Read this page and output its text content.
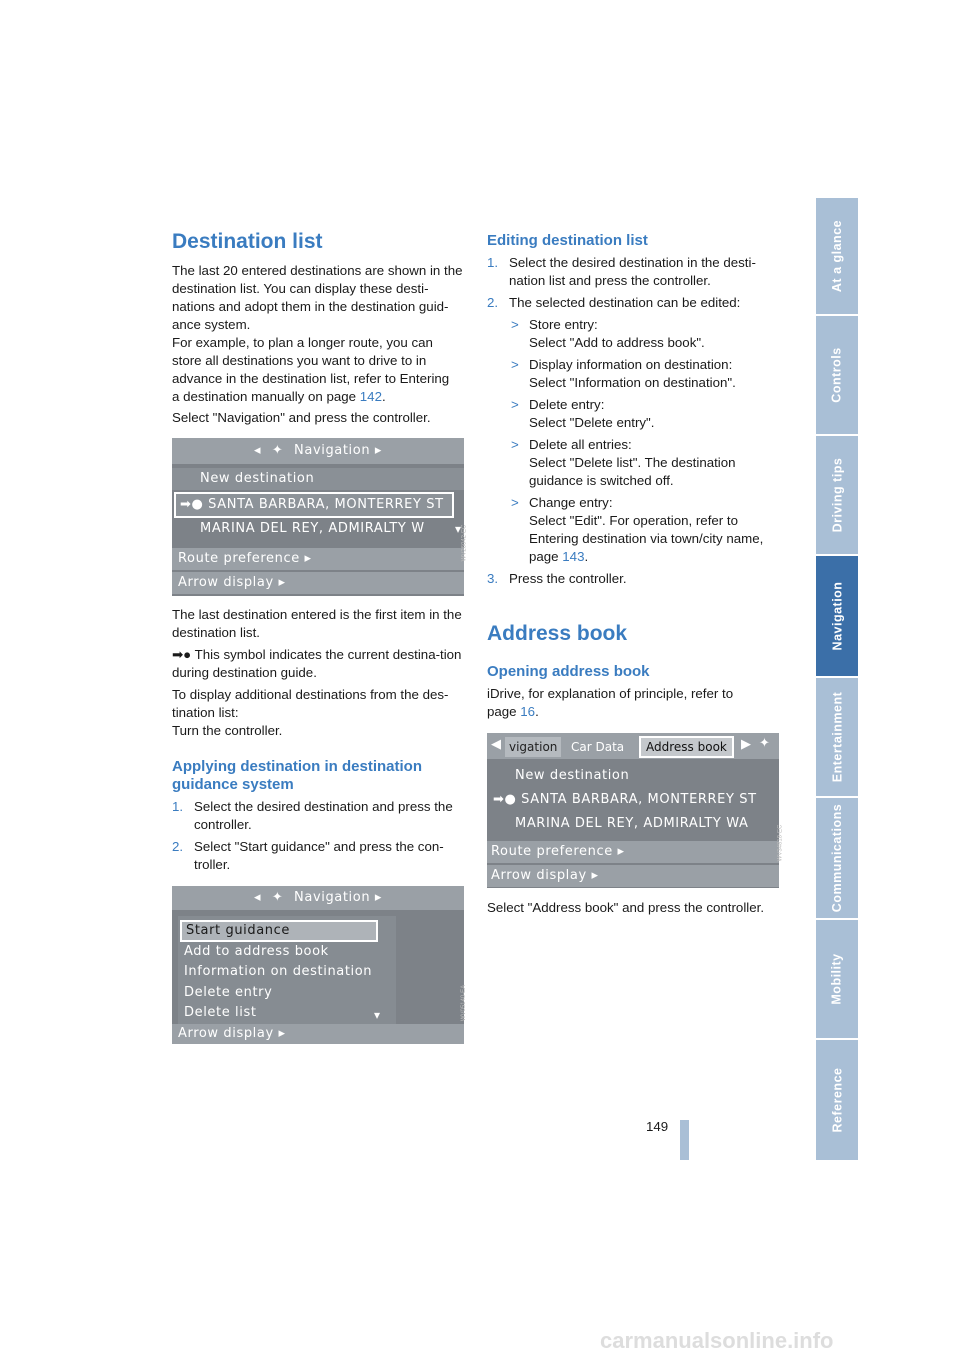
At a glance
Controls
Driving tips
Navigation
Entertainment
Communications
Mobility
Reference
149
Destination list
The last 20 entered destinations are shown in the destination list. You can display these desti-nations and adopt them in the destination guid-ance system.
For example, to plan a longer route, you can
store all destinations you want to drive to in
advance in the destination list, refer to Entering
a destination manually on page 142.
Select "Navigation" and press the controller.
◂ ✦ Navigation ▸
New destination
➡● SANTA BARBARA, MONTERREY ST
MARINA DEL REY, ADMIRALTY W	▾
Route preference ▸
Arrow display ▸
WV26042-EC
The last destination entered is the first item in the destination list.
➡● This symbol indicates the current destina-tion during destination guide.
To display additional destinations from the des-
tination list:
Turn the controller.
Applying destination in destination guidance system
1. Select the desired destination and press the controller.
2. Select "Start guidance" and press the con-troller.
◂ ✦ Navigation ▸
Start guidance
Add to address book
Information on destination
Delete entry
Delete list	▾
Arrow display ▸
WV05140-EA
Editing destination list
1. Select the desired destination in the desti-nation list and press the controller.
2. The selected destination can be edited:
> Store entry:
Select "Add to address book".
> Display information on destination:
Select "Information on destination".
> Delete entry:
Select "Delete entry".
> Delete all entries:
Select "Delete list". The destination guidance is switched off.
> Change entry:
Select "Edit". For operation, refer to Entering destination via town/city name, page 143.
3. Press the controller.
Address book
Opening address book
iDrive, for explanation of principle, refer to page 16.
◀ vigation	Car Data	Address book	▶ ✦
New destination
➡● SANTA BARBARA, MONTERREY ST
MARINA DEL REY, ADMIRALTY WA
Route preference ▸
Arrow display ▸
WV34818-EC
Select "Address book" and press the controller.
carmanualsonline.info
